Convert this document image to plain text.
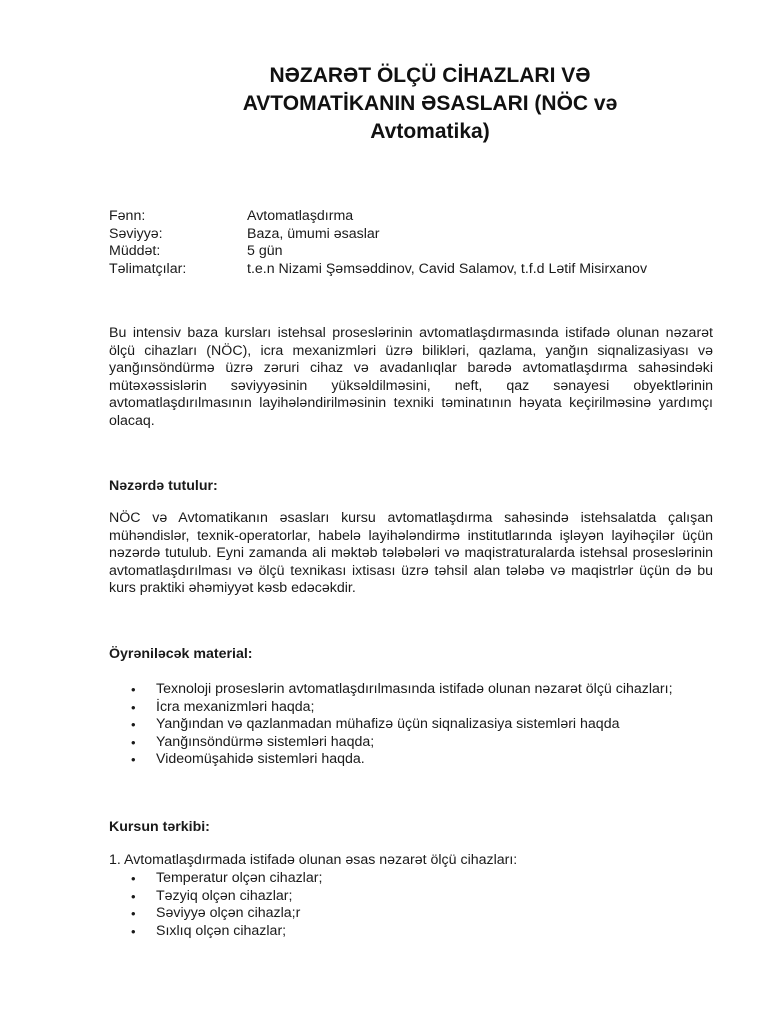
NƏZARƏT ÖLÇÜ CİHAZLARI VƏ
AVTOMATİKANIN ƏSASLARI (NÖC və
Avtomatika)
Fənn:	Avtomatlaşdırma
Səviyyə:	Baza, ümumi əsaslar
Müddət:	5 gün
Təlimatçılar:	t.e.n Nizami Şəmsəddinov, Cavid Salamov, t.f.d Lətif Misirxanov
Bu intensiv baza kursları istehsal proseslərinin avtomatlaşdırmasında istifadə olunan nəzarət ölçü cihazları (NÖC), icra mexanizmləri üzrə bilikləri, qazlama, yanğın siqnalizasiyası və yanğınsöndürmə üzrə zəruri cihaz və avadanlıqlar barədə avtomatlaşdırma sahəsindəki mütəxəssislərin səviyyəsinin yüksəldilməsini, neft, qaz sənayesi obyektlərinin avtomatlaşdırılmasının layihələndirilməsinin texniki təminatının həyata keçirilməsinə yardımçı olacaq.
Nəzərdə tutulur:
NÖC və Avtomatikanın əsasları kursu avtomatlaşdırma sahəsində istehsalatda çalışan mühəndislər, texnik-operatorlar, habelə layihələndirmə institutlarında işləyən layihəçilər üçün nəzərdə tutulub. Eyni zamanda ali məktəb tələbələri və maqistraturalarda istehsal proseslərinin avtomatlaşdırılması və ölçü texnikası ixtisası üzrə təhsil alan tələbə və maqistrlər üçün də bu kurs praktiki əhəmiyyət kəsb edəcəkdir.
Öyrəniləcək material:
• Texnoloji proseslərin avtomatlaşdırılmasında istifadə olunan nəzarət ölçü cihazları;
• İcra mexanizmləri haqda;
• Yanğından və qazlanmadan mühafizə üçün siqnalizasiya sistemləri haqda
• Yanğınsöndürmə sistemləri haqda;
• Videomüşahidə sistemləri haqda.
Kursun tərkibi:
1. Avtomatlaşdırmada istifadə olunan əsas nəzarət ölçü cihazları:
• Temperatur olçən cihazlar;
• Təzyiq olçən cihazlar;
• Səviyyə olçən cihazla;r
• Sıxlıq olçən cihazlar;
